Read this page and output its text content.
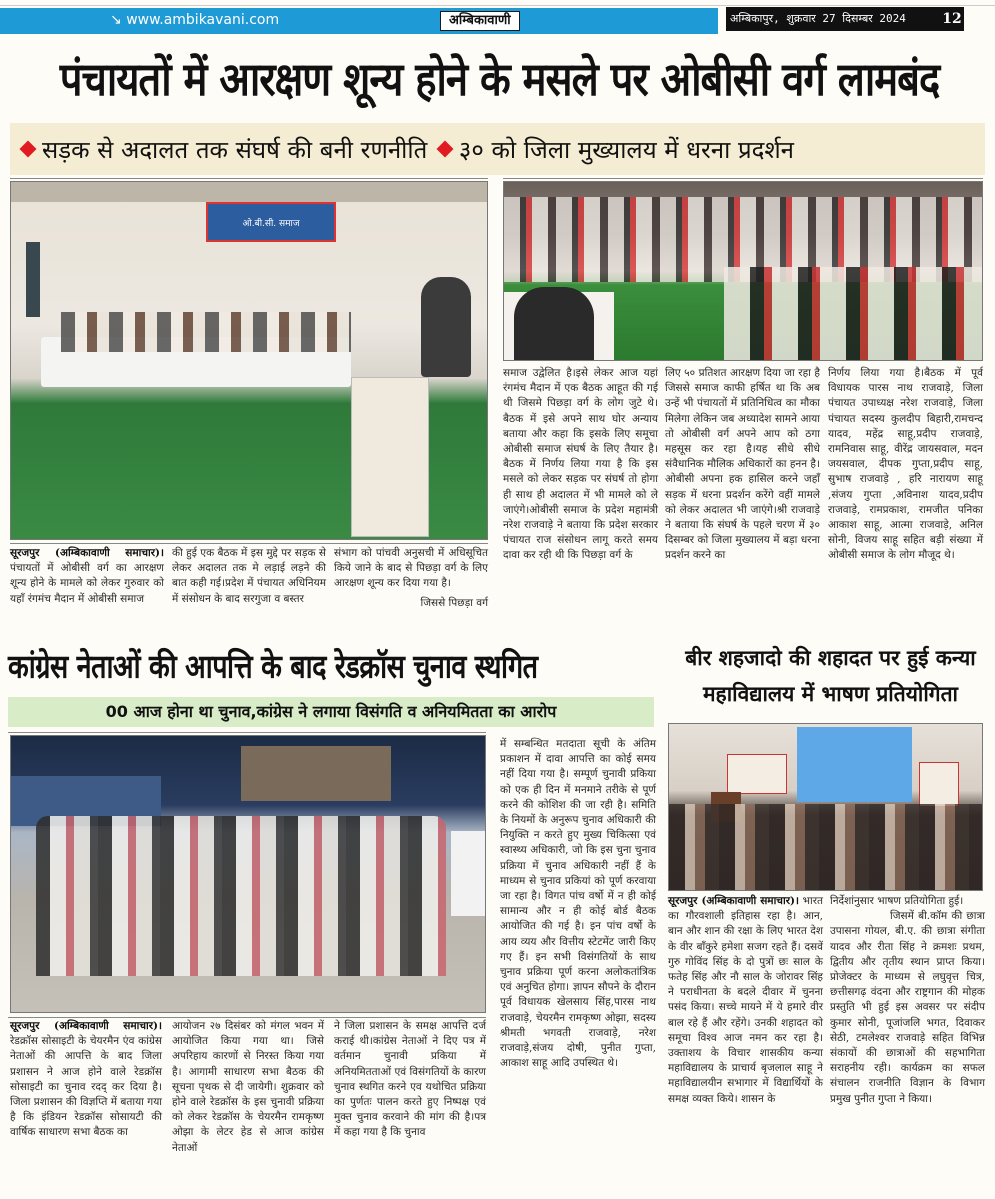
↘ www.ambikavani.com	अम्बिकावाणी	अम्बिकापुर, शुक्रवार 27 दिसम्बर 2024	12
पंचायतों में आरक्षण शून्य होने के मसले पर ओबीसी वर्ग लामबंद
सड़क से अदालत तक संघर्ष की बनी रणनीति ३० को जिला मुख्यालय में धरना प्रदर्शन
ओ.बी.सी. समाज
सूरजपुर (अम्बिकावाणी समाचार)। पंचायतों में ओबीसी वर्ग का आरक्षण शून्य होने के मामले को लेकर गुरुवार को यहाँ रंगमंच मैदान में ओबीसी समाज
की हुई एक बैठक में इस मुद्दे पर सड़क से लेकर अदालत तक मे लड़ाई लड़ने की बात कही गई।प्रदेश में पंचायत अधिनियम में संसोधन के बाद सरगुजा व बस्तर
संभाग को पांचवी अनुसची में अधिसूचित किये जाने के बाद से पिछड़ा वर्ग के लिए आरक्षण शून्य कर दिया गया है।
जिससे पिछड़ा वर्ग
समाज उद्वेलित है।इसे लेकर आज यहां रंगमंच मैदान में एक बैठक आहूत की गई थी जिसमे पिछड़ा वर्ग के लोग जुटे थे।बैठक में इसे अपने साथ घोर अन्याय बताया और कहा कि इसके लिए समूचा ओबीसी समाज संघर्ष के लिए तैयार है।बैठक में निर्णय लिया गया है कि इस मसले को लेकर सड़क पर संघर्ष तो होगा ही साथ ही अदालत में भी मामले को ले जाएंगे।ओबीसी समाज के प्रदेश महामंत्री नरेश राजवाड़े ने बताया कि प्रदेश सरकार पंचायत राज संसोधन लागू करते समय दावा कर रही थी कि पिछड़ा वर्ग के
लिए ५० प्रतिशत आरक्षण दिया जा रहा है जिससे समाज काफी हर्षित था कि अब उन्हें भी पंचायतों में प्रतिनिधित्व का मौका मिलेगा लेकिन जब अध्यादेश सामने आया तो ओबीसी वर्ग अपने आप को ठगा महसूस कर रहा है।यह सीधे सीधे संवैधानिक मौलिक अधिकारों का हनन है।ओबीसी अपना हक हासिल करने जहाँ सड़क में धरना प्रदर्शन करेंगे वहीं मामले को लेकर अदालत भी जाएंगे।श्री राजवाड़े ने बताया कि संघर्ष के पहले चरण में ३० दिसम्बर को जिला मुख्यालय में बड़ा धरना प्रदर्शन करने का
निर्णय लिया गया है।बैठक में पूर्व विधायक पारस नाथ राजवाड़े, जिला पंचायत उपाध्यक्ष नरेश राजवाड़े, जिला पंचायत सदस्य कुलदीप बिहारी,रामचन्द यादव, महेंद्र साहू,प्रदीप राजवाड़े, रामनिवास साहू, वीरेंद्र जायसवाल, मदन जयसवाल, दीपक गुप्ता,प्रदीप साहू, सुभाष राजवाड़े , हरि नारायण साहू ,संजय गुप्ता ,अविनाश यादव,प्रदीप राजवाड़े, रामप्रकाश, रामजीत पनिका आकाश साहू, आत्मा राजवाड़े, अनिल सोनी, विजय साहू सहित बड़ी संख्या में ओबीसी समाज के लोग मौजूद थे।
कांग्रेस नेताओं की आपत्ति के बाद रेडक्रॉस चुनाव स्थगित
00 आज होना था चुनाव,कांग्रेस ने लगाया विसंगति व अनियमितता का आरोप
सूरजपुर (अम्बिकावाणी समाचार)। रेडक्रॉस सोसाइटी के चेयरमैन एंव कांग्रेस नेताओं की आपत्ति के बाद जिला प्रशासन ने आज होने वाले रेडक्रॉस सोसाइटी का चुनाव रदद् कर दिया है।जिला प्रशासन की विज्ञप्ति में बताया गया है कि इंडियन रेडक्रॉस सोसायटी की वार्षिक साधारण सभा बैठक का
आयोजन २७ दिसंबर को मंगल भवन में आयोजित किया गया था। जिसे अपरिहाय कारणों से निरस्त किया गया है। आगामी साधारण सभा बैठक की सूचना पृथक से दी जायेगी। शुक्रवार को होने वाले रेडक्रॉस के इस चुनावी प्रक्रिया को लेकर रेडक्रॉस के चेयरमैन रामकृष्ण ओझा के लेटर हेड से आज कांग्रेस नेताओं
ने जिला प्रशासन के समक्ष आपत्ति दर्ज कराई थी।कांग्रेस नेताओं ने दिए पत्र में वर्तमान चुनावी प्रकिया में अनियमितताओं एवं विसंगतियों के कारण चुनाव स्थगित करने एव यथोचित प्रक्रिया का पुर्णतः पालन करते हुए निष्पक्ष एवं मुक्त चुनाव करवाने की मांग की है।पत्र में कहा गया है कि चुनाव
में सम्बन्धित मतदाता सूची के अंतिम प्रकाशन में दावा आपत्ति का कोई समय नहीं दिया गया है। सम्पूर्ण चुनावी प्रकिया को एक ही दिन में मनमाने तरीके से पूर्ण करने की कोशिश की जा रही है। समिति के नियमों के अनुरूप चुनाव अधिकारी की नियुक्ति न करते हुए मुख्य चिकित्सा एवं स्वास्थ्य अधिकारी, जो कि इस चुना चुनाव प्रक्रिया में चुनाव अधिकारी नहीं हैं के माध्यम से चुनाव प्रकियां को पूर्ण करवाया जा रहा है। विगत पांच वर्षो में न ही कोई सामान्य और न ही कोई बोर्ड बैठक आयोजित की गई है। इन पांच वर्षो के आय व्यय और वित्तीय स्टेटमेंट जारी किए गए हैं। इन सभी विसंगतियों के साथ चुनाव प्रक्रिया पूर्ण करना अलोकतांत्रिक एवं अनुचित होगा। ज्ञापन सौपने के दौरान पूर्व विधायक खेलसाय सिंह,पारस नाथ राजवाड़े, चेयरमैन रामकृष्ण ओझा, सदस्य श्रीमती भगवती राजवाड़े, नरेश राजवाड़े,संजय दोषी, पुनीत गुप्ता, आकाश साहू आदि उपस्थित थे।
बीर शहजादो की शहादत पर हुई कन्या महाविद्यालय में भाषण प्रतियोगिता
सूरजपुर (अम्बिकावाणी समाचार)। भारत का गौरवशाली इतिहास रहा है। आन, बान और शान की रक्षा के लिए भारत देश के वीर बाँकुरे हमेशा सजग रहते हैं। दसवें गुरु गोविंद सिंह के दो पुत्रों छः साल के फतेह सिंह और नौ साल के जोरावर सिंह ने पराधीनता के बदले दीवार में चुनना पसंद किया। सच्चे मायने में ये हमारे वीर बाल रहे हैं और रहेंगे। उनकी शहादत को समूचा विश्व आज नमन कर रहा है। उक्ताशय के विचार शासकीय कन्या महाविद्यालय के प्राचार्य बृजलाल साहू ने महाविद्यालयीन सभागार में विद्यार्थियों के समक्ष व्यक्त किये। शासन के
निर्देशांनुसार भाषण प्रतियोगिता हुई।
जिसमें बी.कॉम की छात्रा उपासना गोयल, बी.ए. की छात्रा संगीता यादव और रीता सिंह ने क्रमशः प्रथम, द्वितीय और तृतीय स्थान प्राप्त किया। प्रोजेक्टर के माध्यम से लघुवृत्त चित्र, छत्तीसगढ़ वंदना और राष्ट्रगान की मोहक प्रस्तुति भी हुई इस अवसर पर संदीप कुमार सोनी, पूजांजलि भगत, दिवाकर सेठी, टमलेश्वर राजवाड़े सहित विभिन्न संकायों की छात्राओं की सहभागिता सराहनीय रही। कार्यक्रम का सफल संचालन राजनीति विज्ञान के विभाग प्रमुख पुनीत गुप्ता ने किया।
